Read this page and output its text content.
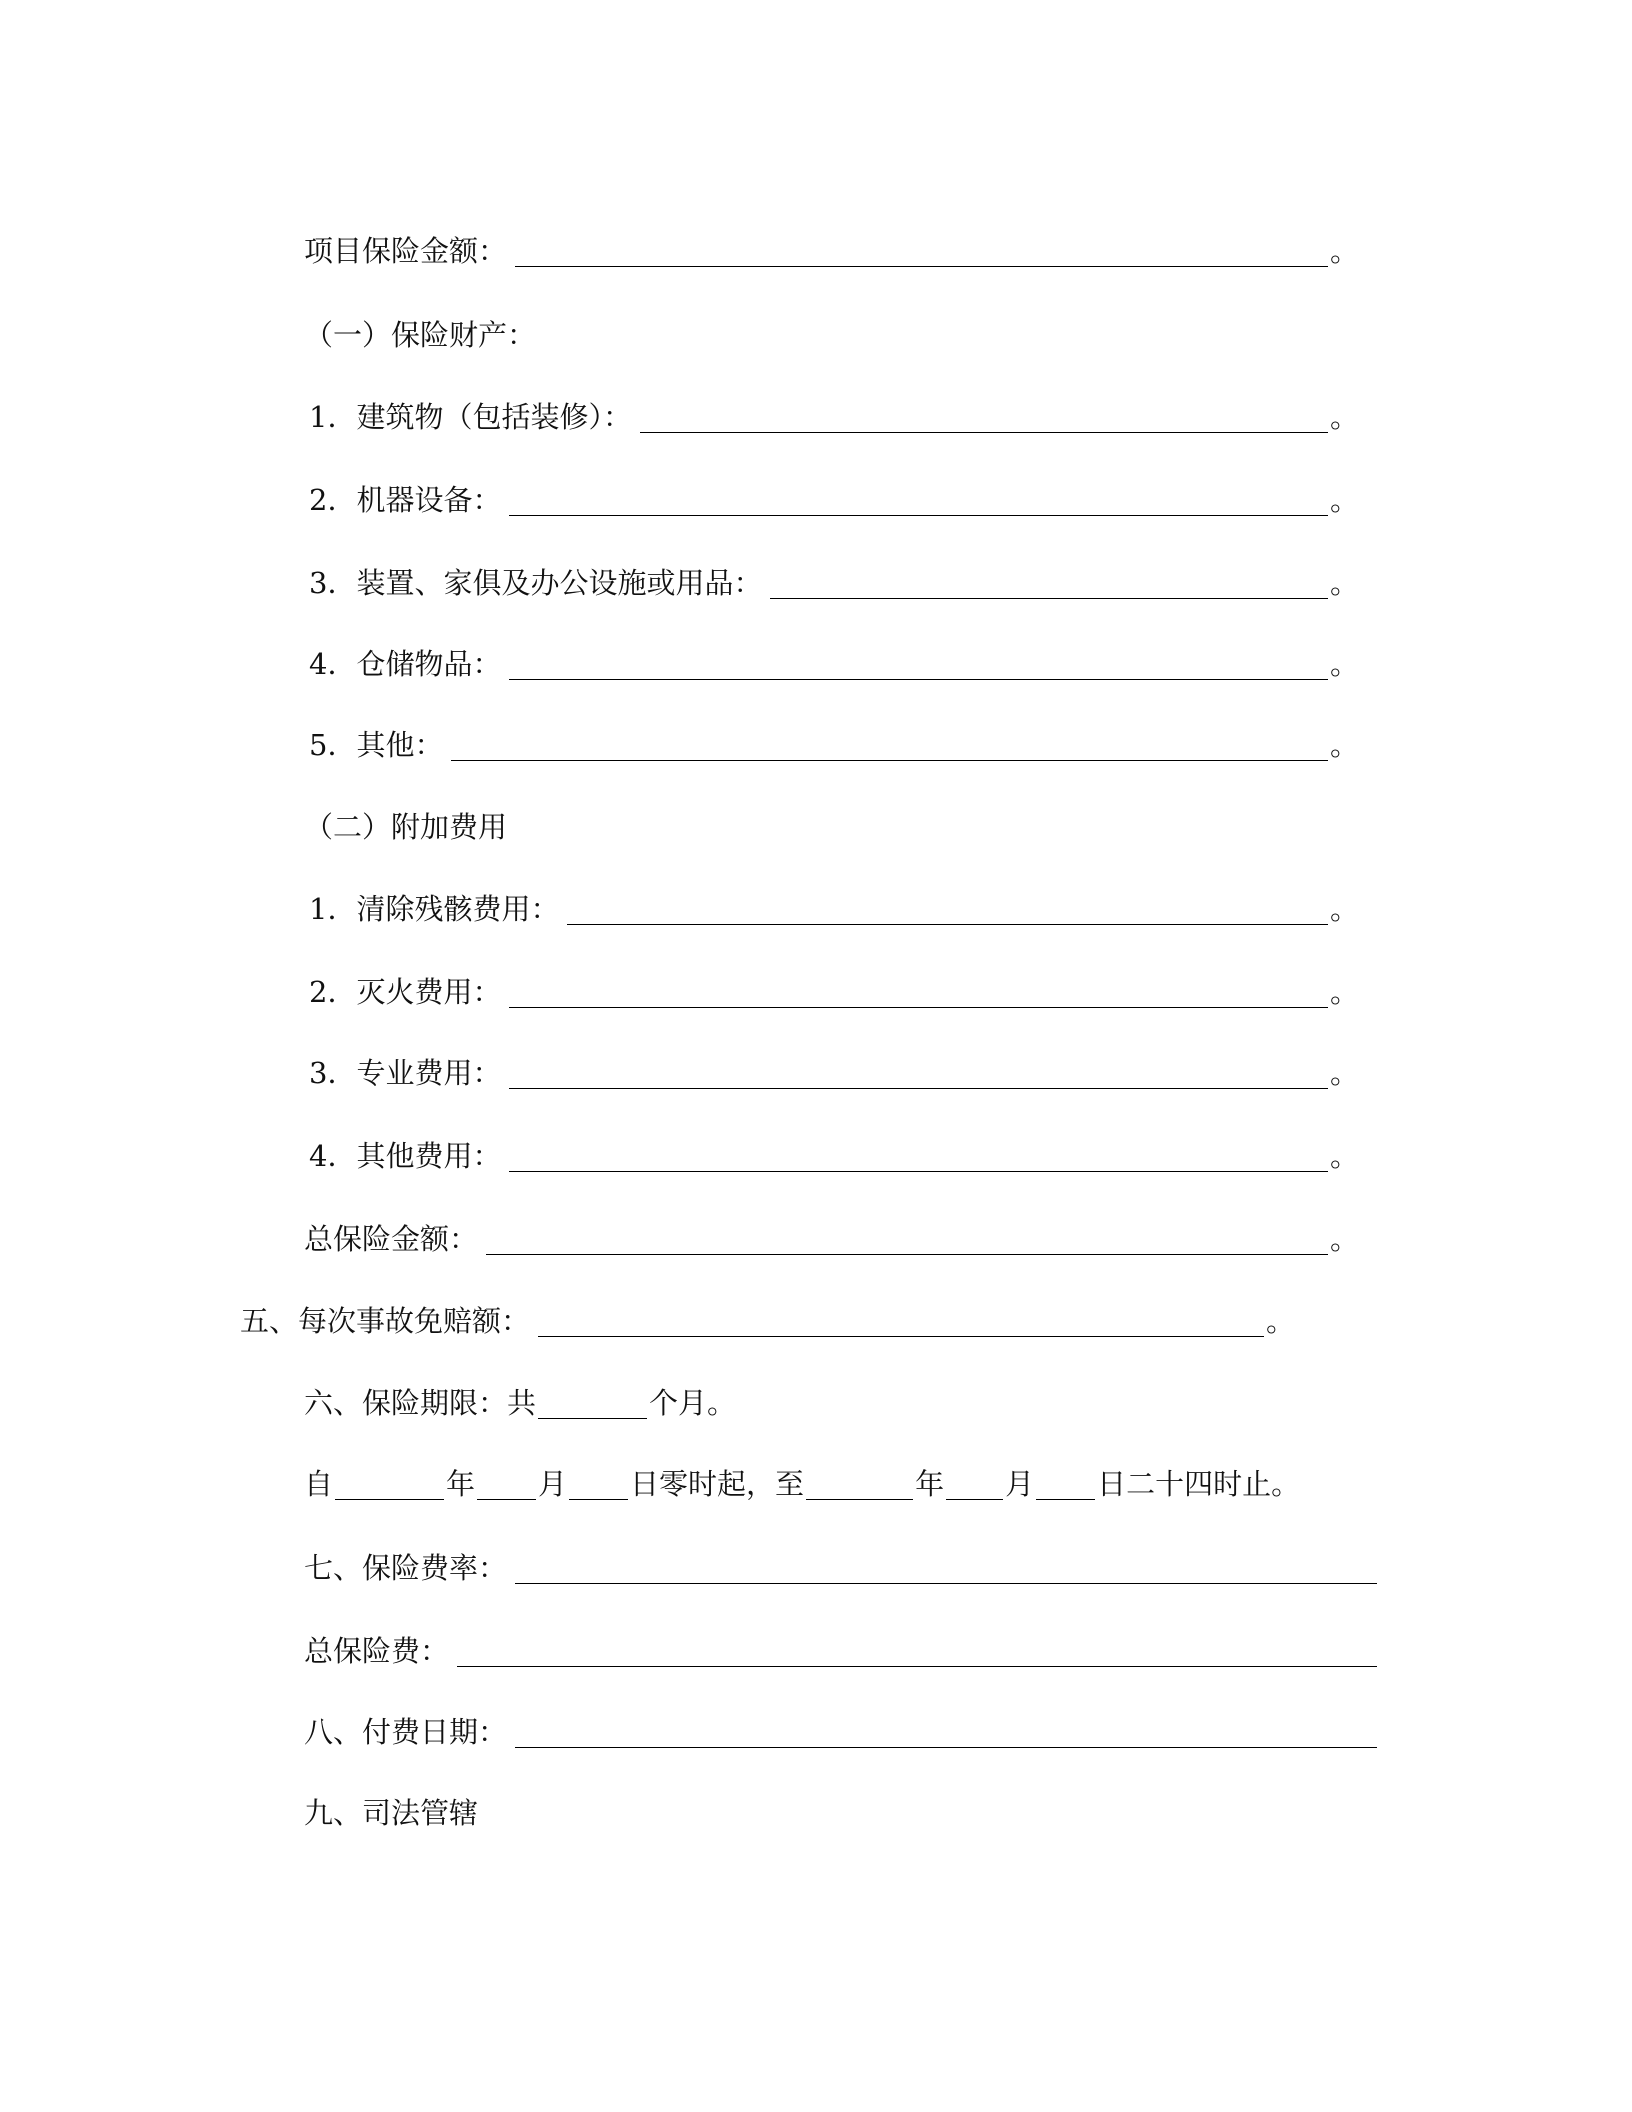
项目保险金额：	。
（一）保险财产：
1．建筑物（包括装修）：	。
2．机器设备：	。
3．装置、家俱及办公设施或用品：	。
4．仓储物品：	。
5．其他：	。
（二）附加费用
1．清除残骸费用：	。
2．灭火费用：	。
3．专业费用：	。
4．其他费用：	。
总保险金额：	。
五、每次事故免赔额：	。
六、保险期限：共	个月。
自	年 月 日零时起，至	年 月 日二十四时止。
七、保险费率：
总保险费：
八、付费日期：
九、司法管辖
